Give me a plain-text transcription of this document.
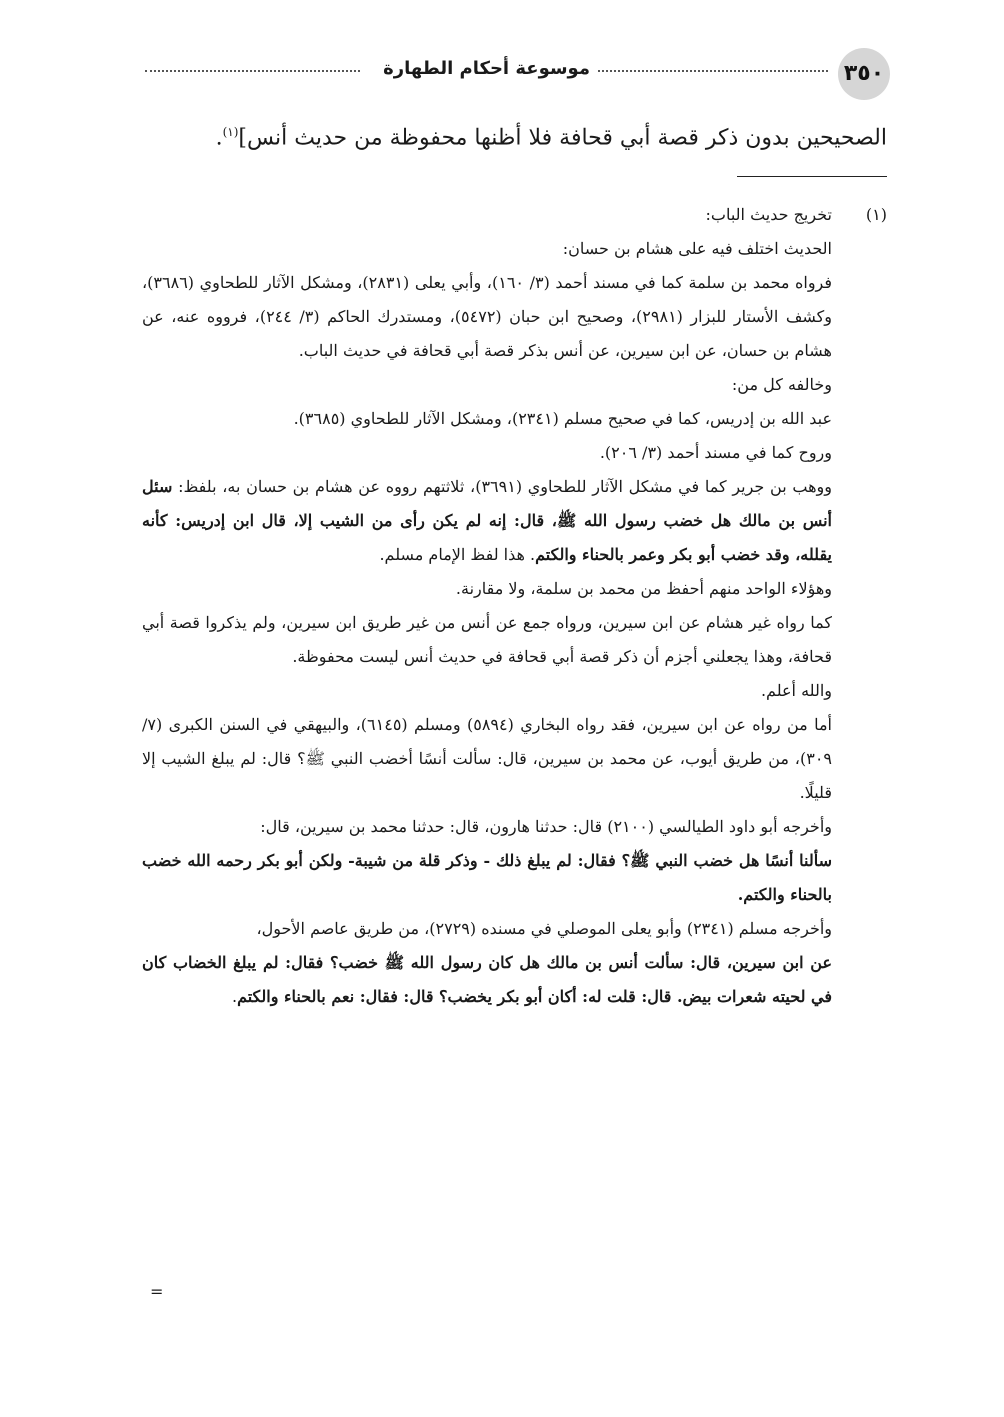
٣٥٠
موسوعة أحكام الطهارة
الصحيحين بدون ذكر قصة أبي قحافة فلا أظنها محفوظة من حديث أنس]$^{(١)}$.
(١)

تخريج حديث الباب:

الحديث اختلف فيه على هشام بن حسان:

فرواه محمد بن سلمة كما في مسند أحمد (٣/ ١٦٠)، وأبي يعلى (٢٨٣١)، ومشكل الآثار للطحاوي (٣٦٨٦)، وكشف الأستار للبزار (٢٩٨١)، وصحيح ابن حبان (٥٤٧٢)، ومستدرك الحاكم (٣/ ٢٤٤)، فرووه عنه، عن هشام بن حسان، عن ابن سيرين، عن أنس بذكر قصة أبي قحافة في حديث الباب.

وخالفه كل من:

عبد الله بن إدريس، كما في صحيح مسلم (٢٣٤١)، ومشكل الآثار للطحاوي (٣٦٨٥).

وروح كما في مسند أحمد (٣/ ٢٠٦).

ووهب بن جرير كما في مشكل الآثار للطحاوي (٣٦٩١)، ثلاثتهم رووه عن هشام بن حسان به، بلفظ: سئل أنس بن مالك هل خضب رسول الله ﷺ، قال: إنه لم يكن رأى من الشيب إلا، قال ابن إدريس: كأنه يقلله، وقد خضب أبو بكر وعمر بالحناء والكتم. هذا لفظ الإمام مسلم.

وهؤلاء الواحد منهم أحفظ من محمد بن سلمة، ولا مقارنة.

كما رواه غير هشام عن ابن سيرين، ورواه جمع عن أنس من غير طريق ابن سيرين، ولم يذكروا قصة أبي قحافة، وهذا يجعلني أجزم أن ذكر قصة أبي قحافة في حديث أنس ليست محفوظة.

والله أعلم.

أما من رواه عن ابن سيرين، فقد رواه البخاري (٥٨٩٤) ومسلم (٦١٤٥)، والبيهقي في السنن الكبرى (٧/ ٣٠٩)، من طريق أيوب، عن محمد بن سيرين، قال: سألت أنسًا أخضب النبي ﷺ؟ قال: لم يبلغ الشيب إلا قليلًا.

وأخرجه أبو داود الطيالسي (٢١٠٠) قال: حدثنا هارون، قال: حدثنا محمد بن سيرين، قال:

سألنا أنسًا هل خضب النبي ﷺ؟ فقال: لم يبلغ ذلك - وذكر قلة من شيبة- ولكن أبو بكر رحمه الله خضب بالحناء والكتم.

وأخرجه مسلم (٢٣٤١) وأبو يعلى الموصلي في مسنده (٢٧٢٩)، من طريق عاصم الأحول،

عن ابن سيرين، قال: سألت أنس بن مالك هل كان رسول الله ﷺ خضب؟ فقال: لم يبلغ الخضاب كان في لحيته شعرات بيض. قال: قلت له: أكان أبو بكر يخضب؟ قال: فقال: نعم بالحناء والكتم.

=
